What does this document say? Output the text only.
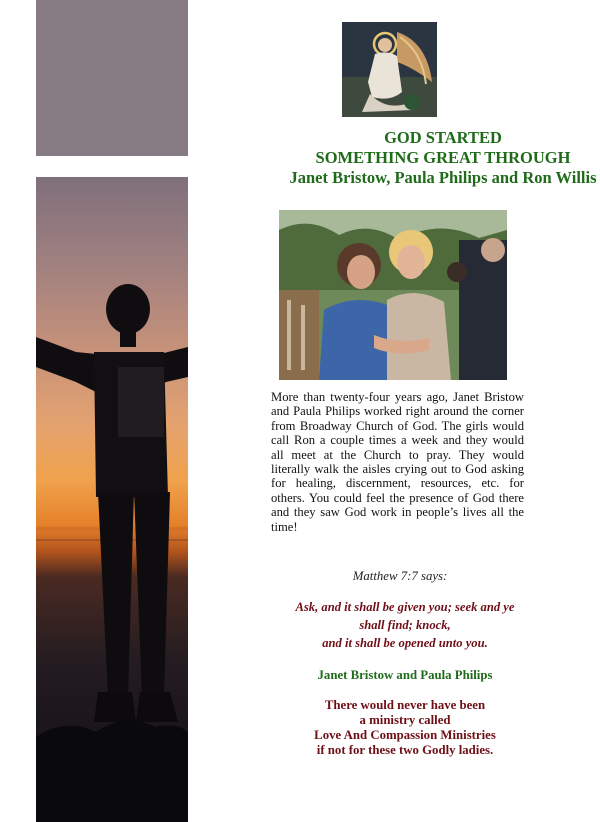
GOD STARTED
SOMETHING GREAT THROUGH
Janet Bristow, Paula Philips and Ron Willis
More than twenty-four years ago, Janet Bristow and Paula Philips worked right around the corner from Broadway Church of God. The girls would call Ron a couple times a week and they would all meet at the Church to pray. They would literally walk the aisles crying out to God asking for healing, discernment, resources, etc. for others. You could feel the presence of God there and they saw God work in people’s lives all the time!
Matthew 7:7 says:
Ask, and it shall be given you; seek and ye
shall find; knock,
and it shall be opened unto you.
Janet Bristow and Paula Philips
There would never have been
a ministry called
Love And Compassion Ministries
if not for these two Godly ladies.
